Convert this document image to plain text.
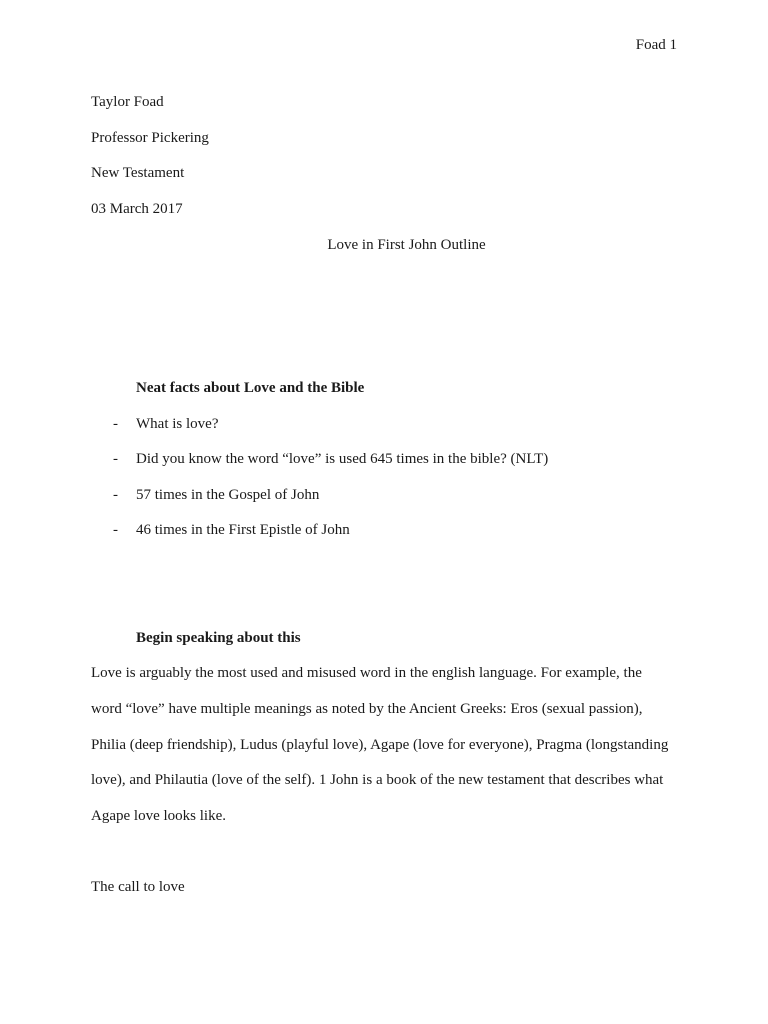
Foad 1
Taylor Foad
Professor Pickering
New Testament
03 March 2017
Love in First John Outline
Neat facts about Love and the Bible
- What is love?
- Did you know the word “love” is used 645 times in the bible? (NLT)
- 57 times in the Gospel of John
- 46 times in the First Epistle of John
Begin speaking about this
Love is arguably the most used and misused word in the english language. For example, the
word “love” have multiple meanings as noted by the Ancient Greeks: Eros (sexual passion),
Philia (deep friendship), Ludus (playful love), Agape (love for everyone), Pragma (longstanding
love), and Philautia (love of the self). 1 John is a book of the new testament that describes what
Agape love looks like.
The call to love
